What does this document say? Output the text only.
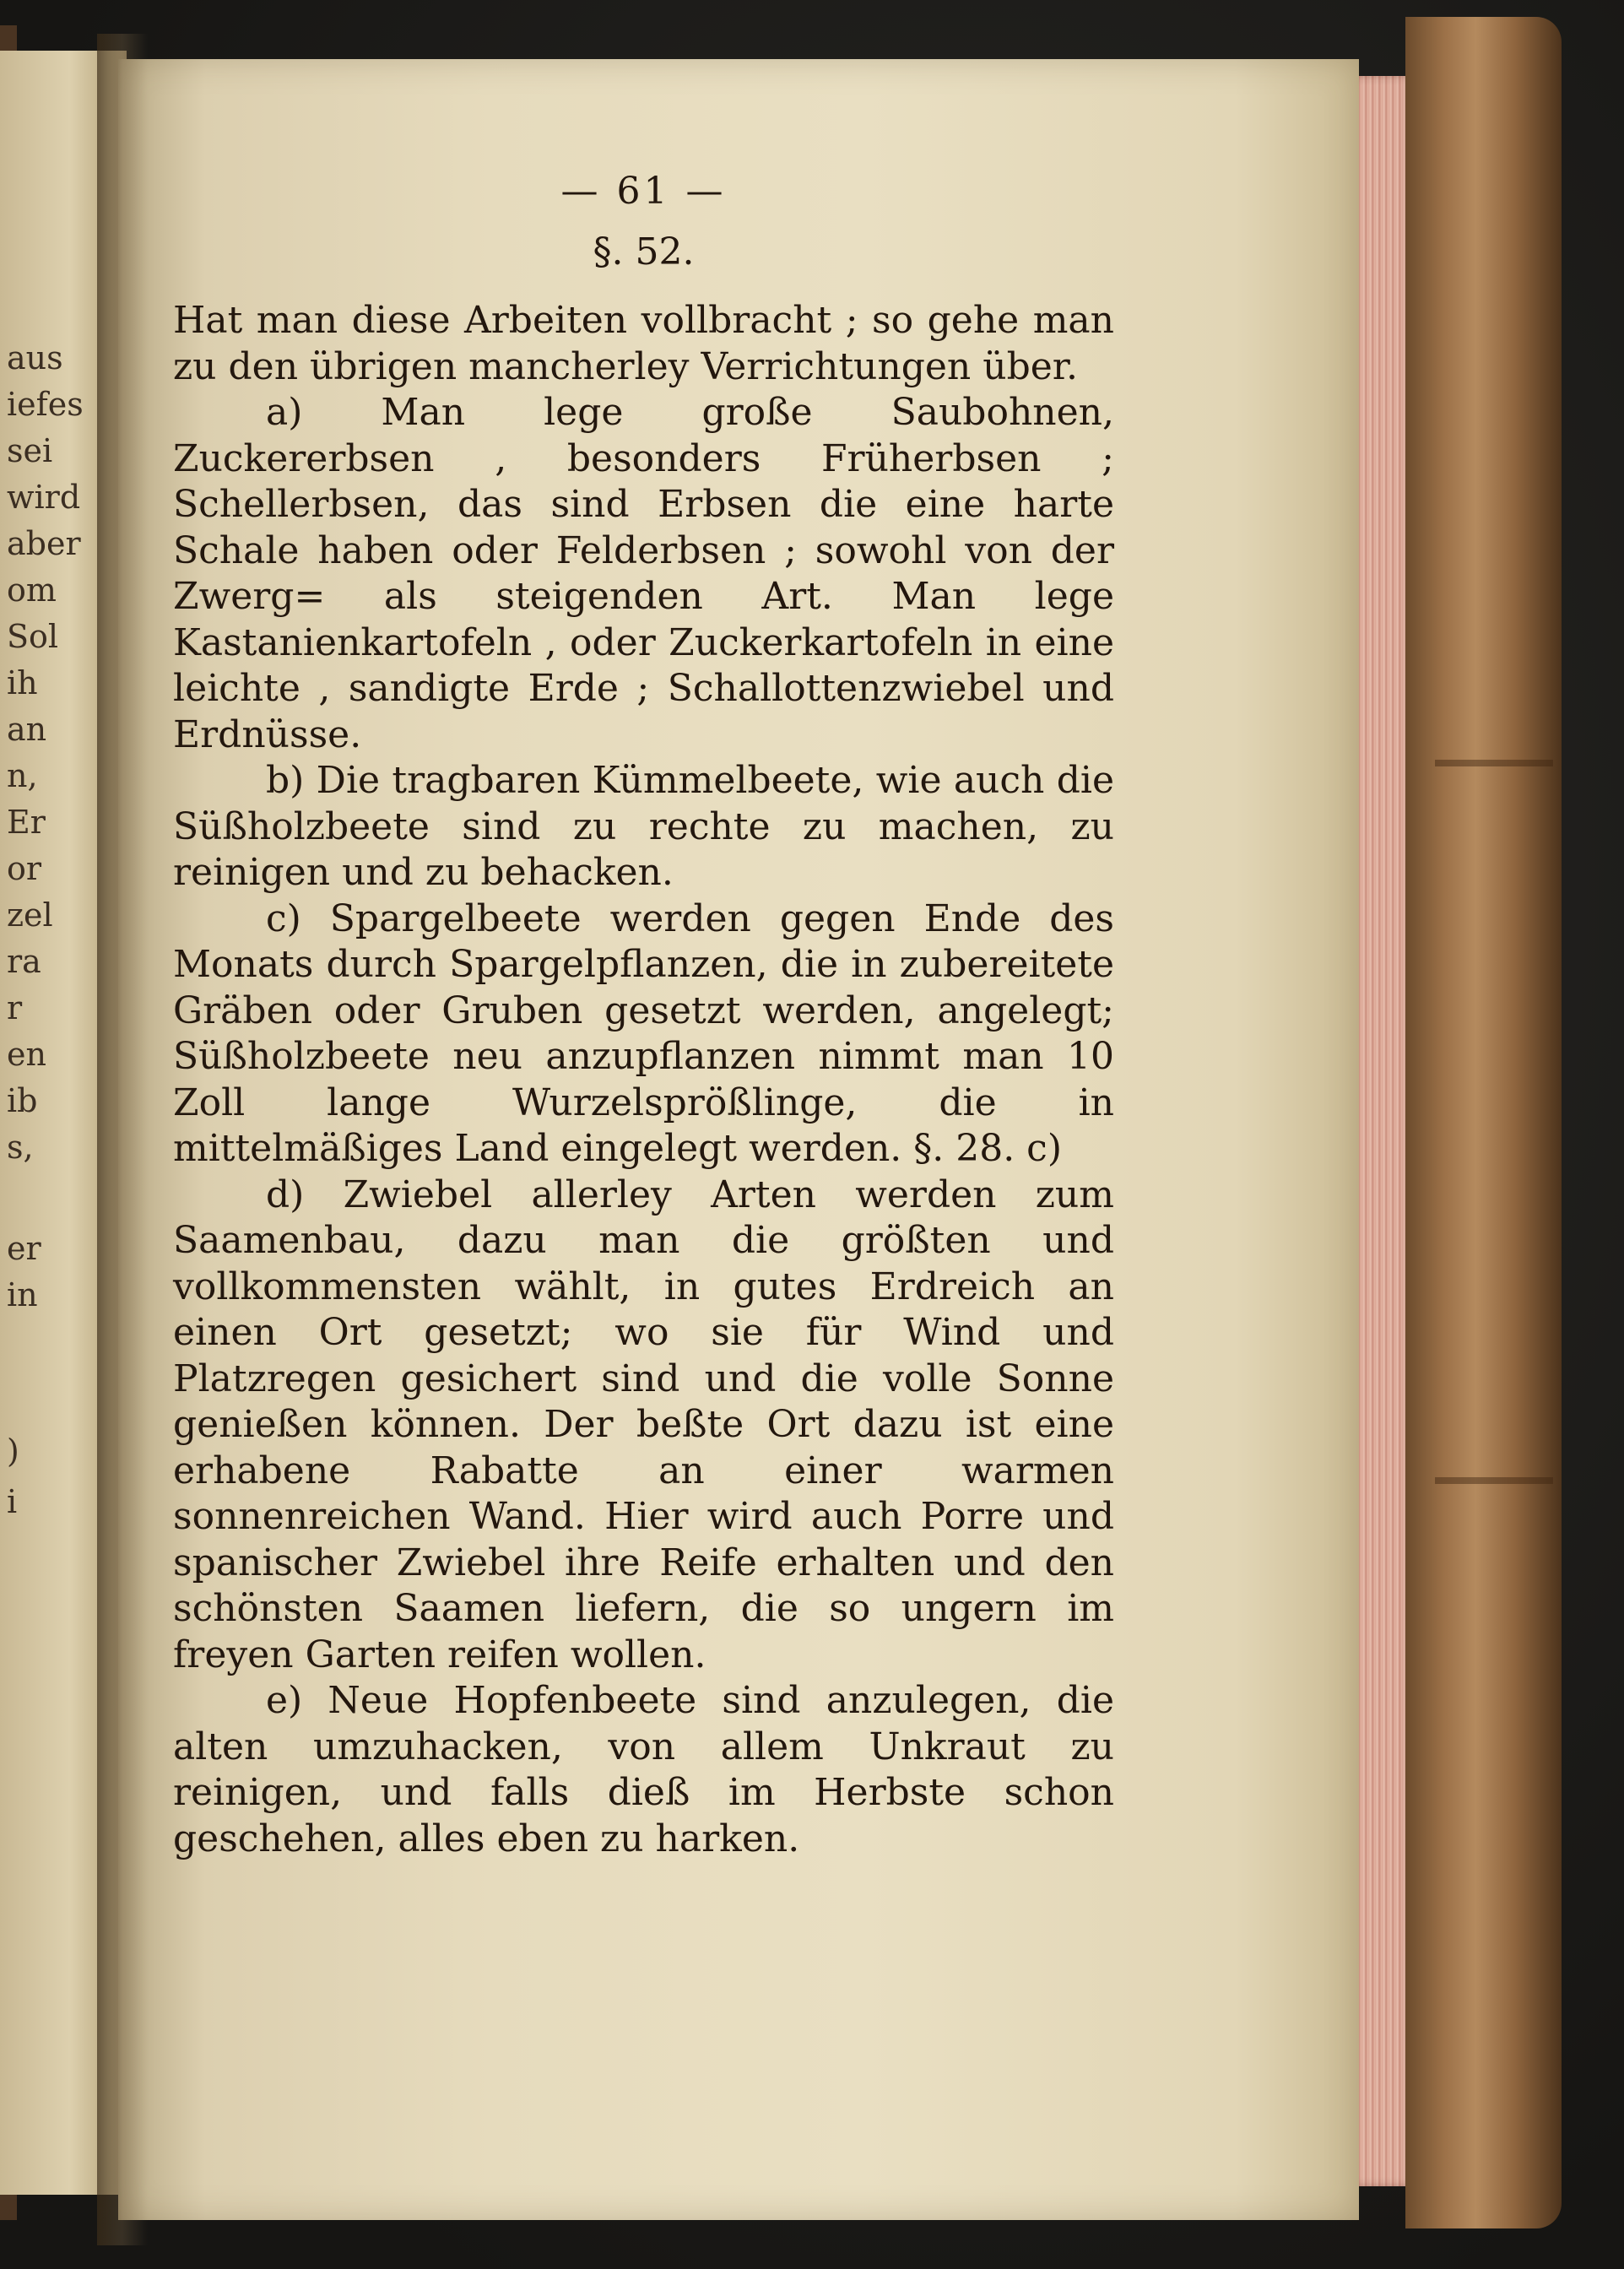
aus
iefes
sei
wird
aber
om
Sol
ih
an
n,
Er
or
zel
ra
r
en
ib
s,
er
in
)
i
— 61 —
§. 52.

Hat man diese Arbeiten vollbracht ; so gehe man zu den übrigen mancherley Verrichtungen über.

a) Man lege große Saubohnen, Zuckererbsen , besonders Früherbsen ; Schellerbsen, das sind Erbsen die eine harte Schale haben oder Felderbsen ; sowohl von der Zwerg= als steigenden Art. Man lege Kastanienkartofeln , oder Zuckerkartofeln in eine leichte , sandigte Erde ; Schallottenzwiebel und Erdnüsse.

b) Die tragbaren Kümmelbeete, wie auch die Süßholzbeete sind zu rechte zu machen, zu reinigen und zu behacken.

c) Spargelbeete werden gegen Ende des Monats durch Spargelpflanzen, die in zubereitete Gräben oder Gruben gesetzt werden, angelegt; Süßholzbeete neu anzupflanzen nimmt man 10 Zoll lange Wurzelsprößlinge, die in mittelmäßiges Land eingelegt werden. §. 28. c)

d) Zwiebel allerley Arten werden zum Saamenbau, dazu man die größten und vollkommensten wählt, in gutes Erdreich an einen Ort gesetzt; wo sie für Wind und Platzregen gesichert sind und die volle Sonne genießen können. Der beßte Ort dazu ist eine erhabene Rabatte an einer warmen sonnenreichen Wand. Hier wird auch Porre und spanischer Zwiebel ihre Reife erhalten und den schönsten Saamen liefern, die so ungern im freyen Garten reifen wollen.

e) Neue Hopfenbeete sind anzulegen, die alten umzuhacken, von allem Unkraut zu reinigen, und falls dieß im Herbste schon geschehen, alles eben zu harken.
